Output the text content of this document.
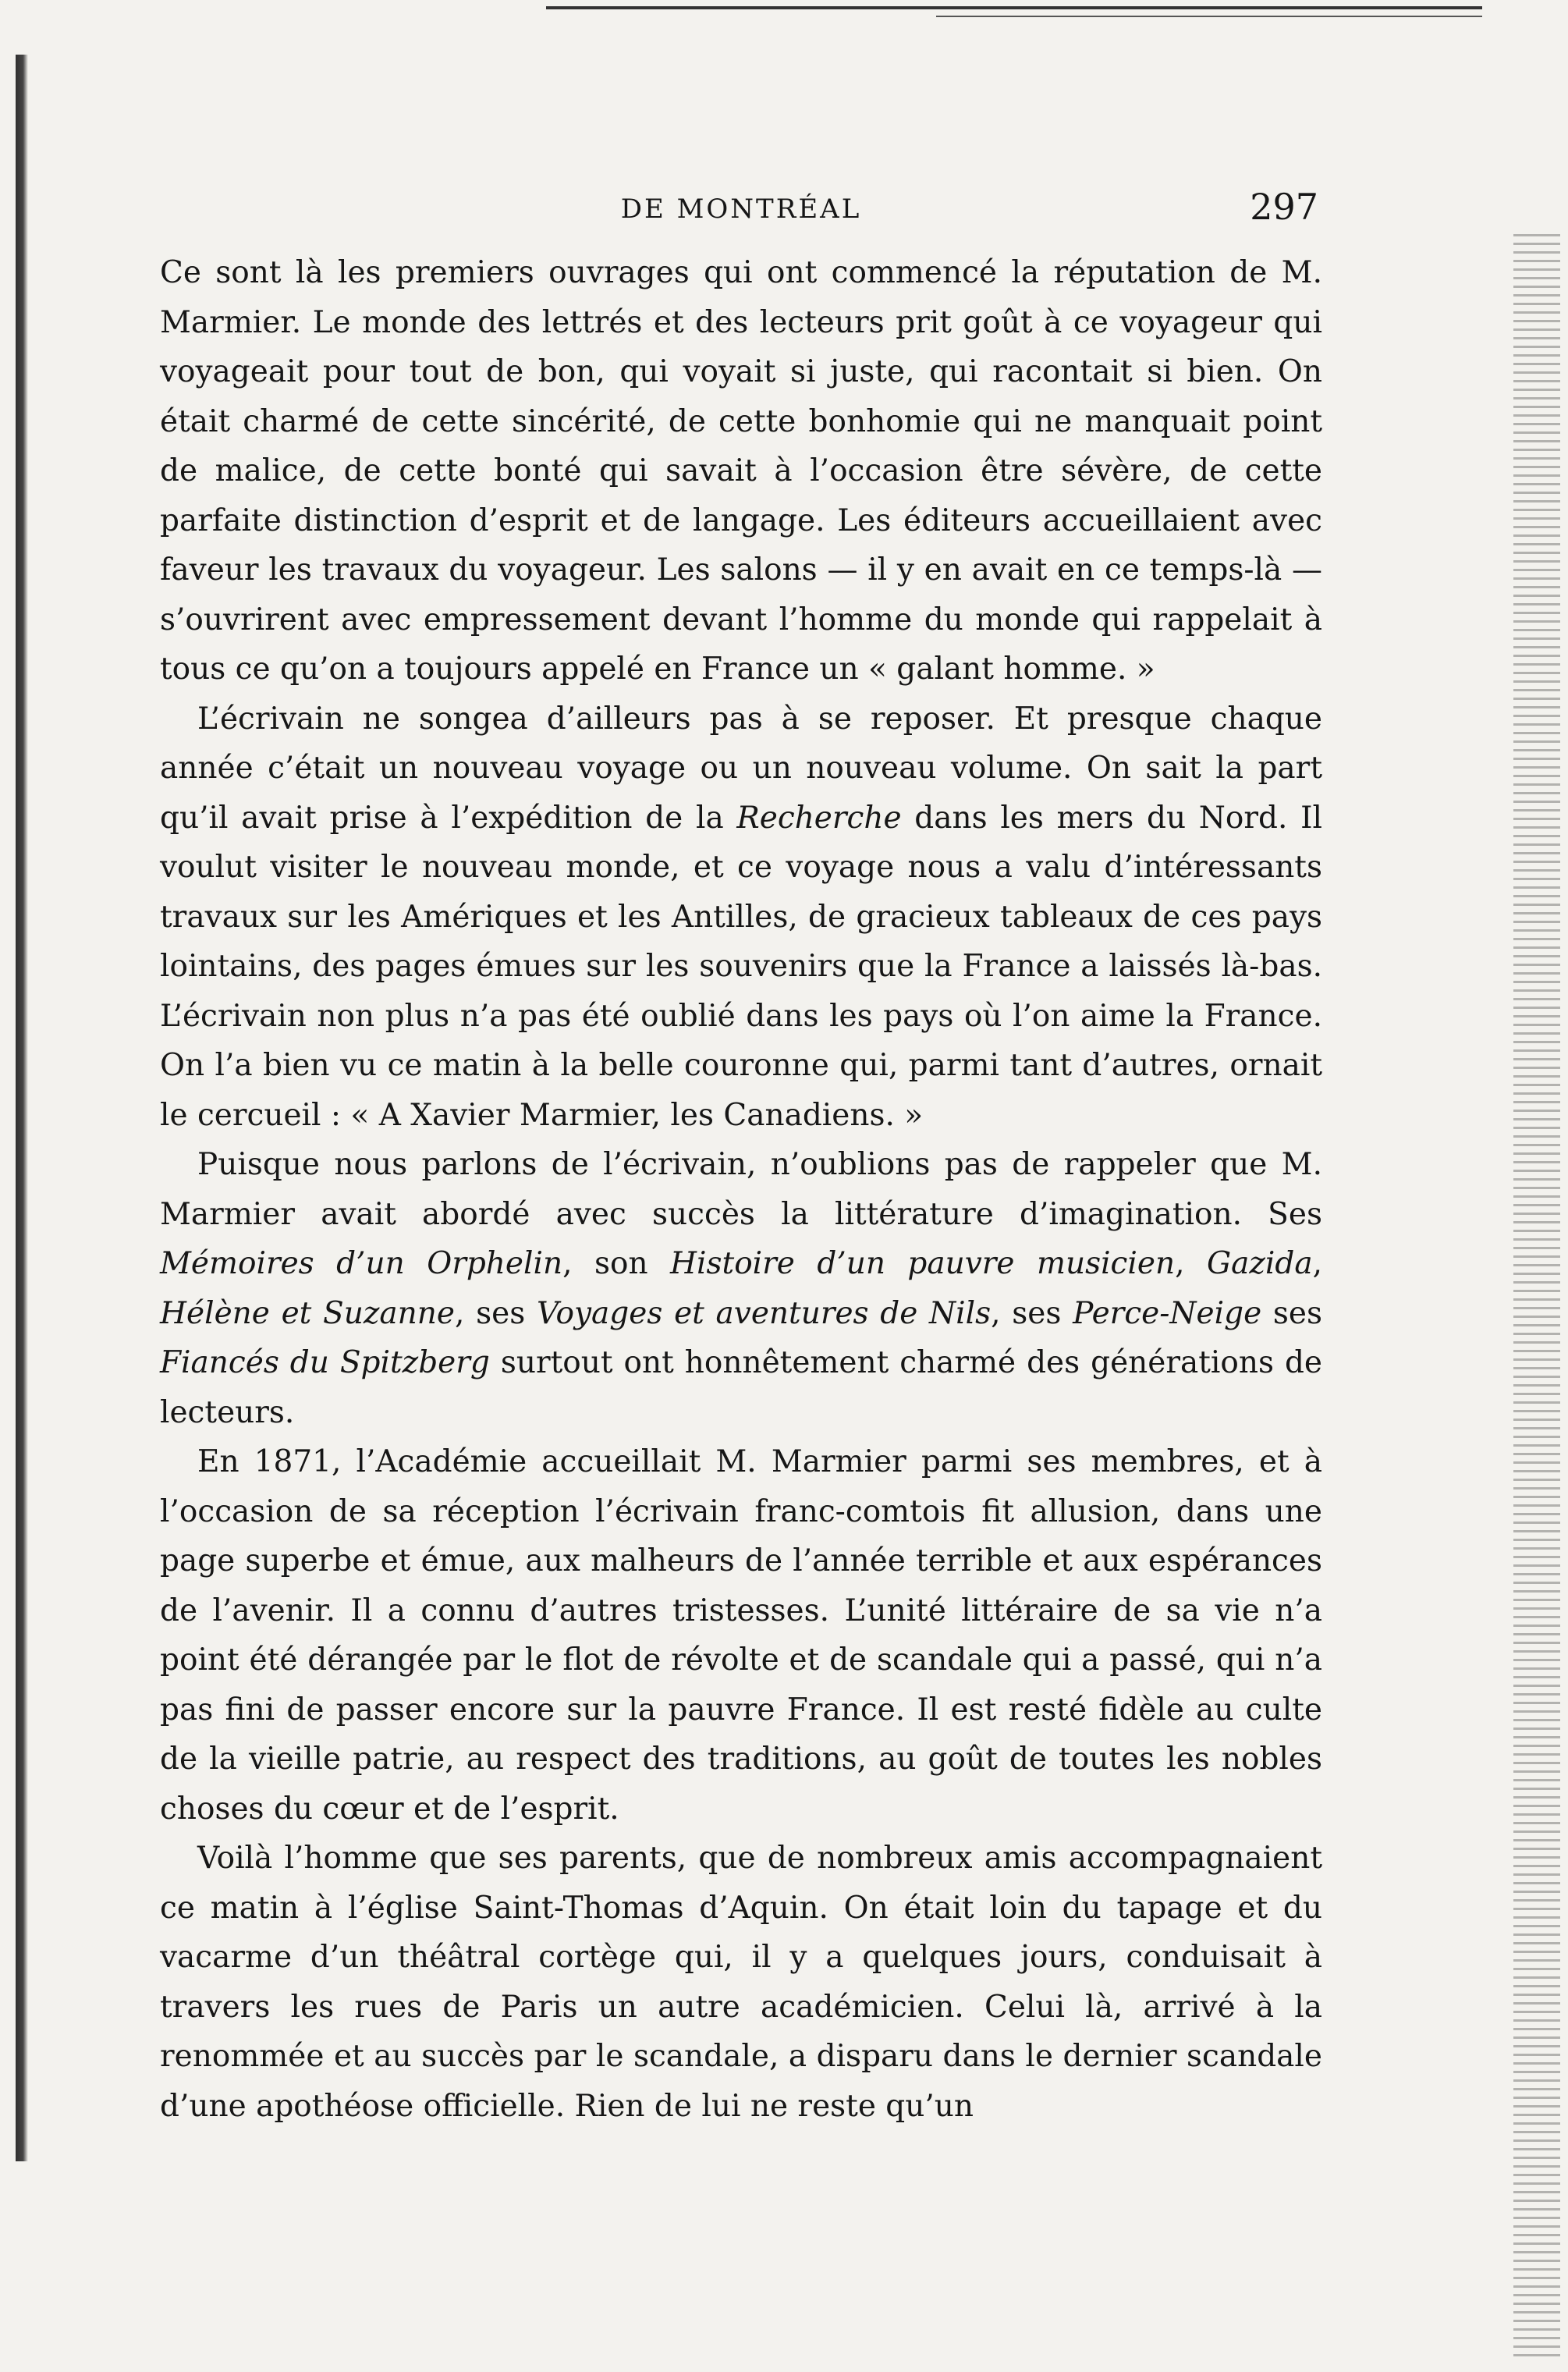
DE MONTRÉAL	297

Ce sont là les premiers ouvrages qui ont commencé la réputation de M. Marmier. Le monde des lettrés et des lecteurs prit goût à ce voyageur qui voyageait pour tout de bon, qui voyait si juste, qui racontait si bien. On était charmé de cette sincérité, de cette bonhomie qui ne manquait point de malice, de cette bonté qui savait à l’occasion être sévère, de cette parfaite distinction d’esprit et de langage. Les éditeurs accueillaient avec faveur les travaux du voyageur. Les salons — il y en avait en ce temps-là — s’ouvrirent avec empressement devant l’homme du monde qui rappelait à tous ce qu’on a toujours appelé en France un « galant homme. »

L’écrivain ne songea d’ailleurs pas à se reposer. Et presque chaque année c’était un nouveau voyage ou un nouveau volume. On sait la part qu’il avait prise à l’expédition de la Recherche dans les mers du Nord. Il voulut visiter le nouveau monde, et ce voyage nous a valu d’intéressants travaux sur les Amériques et les Antilles, de gracieux tableaux de ces pays lointains, des pages émues sur les souvenirs que la France a laissés là-bas. L’écrivain non plus n’a pas été oublié dans les pays où l’on aime la France. On l’a bien vu ce matin à la belle couronne qui, parmi tant d’autres, ornait le cercueil : « A Xavier Marmier, les Canadiens. »

Puisque nous parlons de l’écrivain, n’oublions pas de rappeler que M. Marmier avait abordé avec succès la littérature d’imagination. Ses Mémoires d’un Orphelin, son Histoire d’un pauvre musicien, Gazida, Hélène et Suzanne, ses Voyages et aventures de Nils, ses Perce-Neige ses Fiancés du Spitzberg surtout ont honnêtement charmé des générations de lecteurs.

En 1871, l’Académie accueillait M. Marmier parmi ses membres, et à l’occasion de sa réception l’écrivain franc-comtois fit allusion, dans une page superbe et émue, aux malheurs de l’année terrible et aux espérances de l’avenir. Il a connu d’autres tristesses. L’unité littéraire de sa vie n’a point été dérangée par le flot de révolte et de scandale qui a passé, qui n’a pas fini de passer encore sur la pauvre France. Il est resté fidèle au culte de la vieille patrie, au respect des traditions, au goût de toutes les nobles choses du cœur et de l’esprit.

Voilà l’homme que ses parents, que de nombreux amis accompagnaient ce matin à l’église Saint-Thomas d’Aquin. On était loin du tapage et du vacarme d’un théâtral cortège qui, il y a quelques jours, conduisait à travers les rues de Paris un autre académicien. Celui là, arrivé à la renommée et au succès par le scandale, a disparu dans le dernier scandale d’une apothéose officielle. Rien de lui ne reste qu’un
